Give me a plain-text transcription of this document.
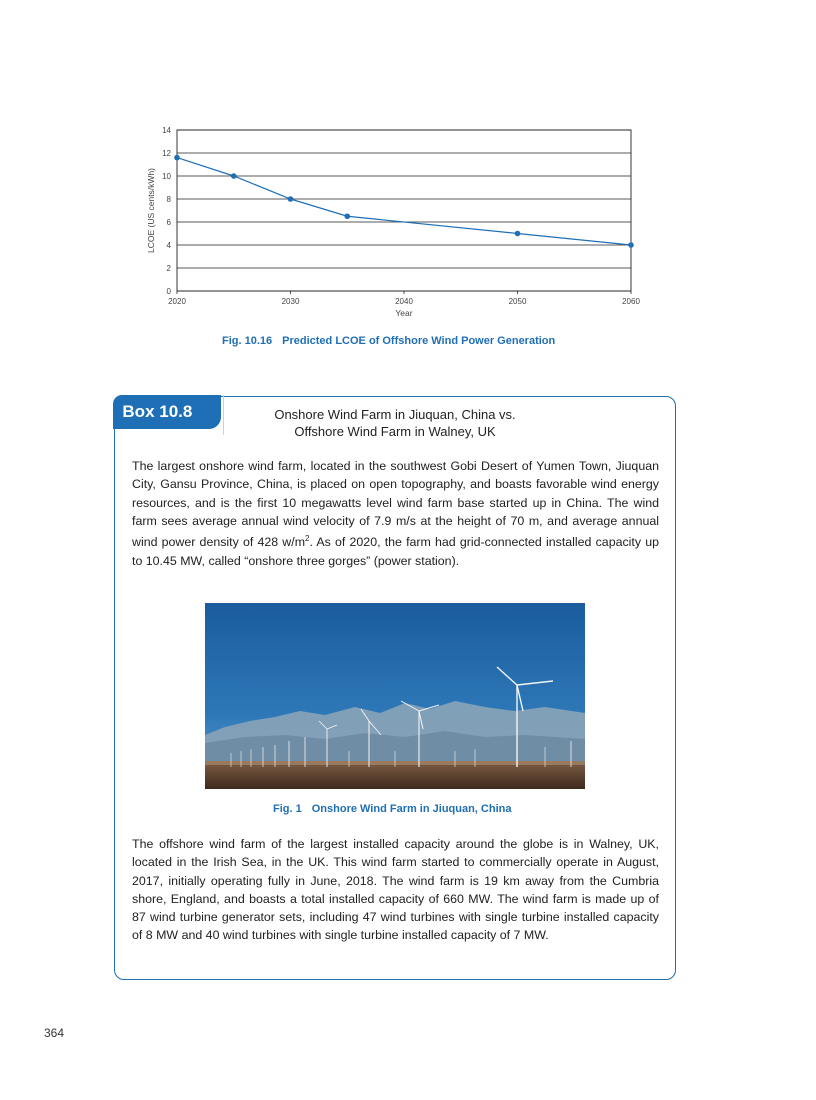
0
2
4
6
8
10
12
14
2020	2030	2040	2050	2060
Year
LCOE (US cents/kWh)
Fig. 10.16 Predicted LCOE of Offshore Wind Power Generation
Box 10.8	Onshore Wind Farm in Jiuquan, China vs.
Offshore Wind Farm in Walney, UK

The largest onshore wind farm, located in the southwest Gobi Desert of Yumen Town, Jiuquan City, Gansu Province, China, is placed on open topography, and boasts favorable wind energy resources, and is the first 10 megawatts level wind farm base started up in China. The wind farm sees average annual wind velocity of 7.9 m/s at the height of 70 m, and average annual wind power density of 428 $w/m^2$. As of 2020, the farm had grid-connected installed capacity up to 10.45 MW, called “onshore three gorges” (power station).

Fig. 1 Onshore Wind Farm in Jiuquan, China

The offshore wind farm of the largest installed capacity around the globe is in Walney, UK, located in the Irish Sea, in the UK. This wind farm started to commercially operate in August, 2017, initially operating fully in June, 2018. The wind farm is 19 km away from the Cumbria shore, England, and boasts a total installed capacity of 660 MW. The wind farm is made up of 87 wind turbine generator sets, including 47 wind turbines with single turbine installed capacity of 8 MW and 40 wind turbines with single turbine installed capacity of 7 MW.

364
